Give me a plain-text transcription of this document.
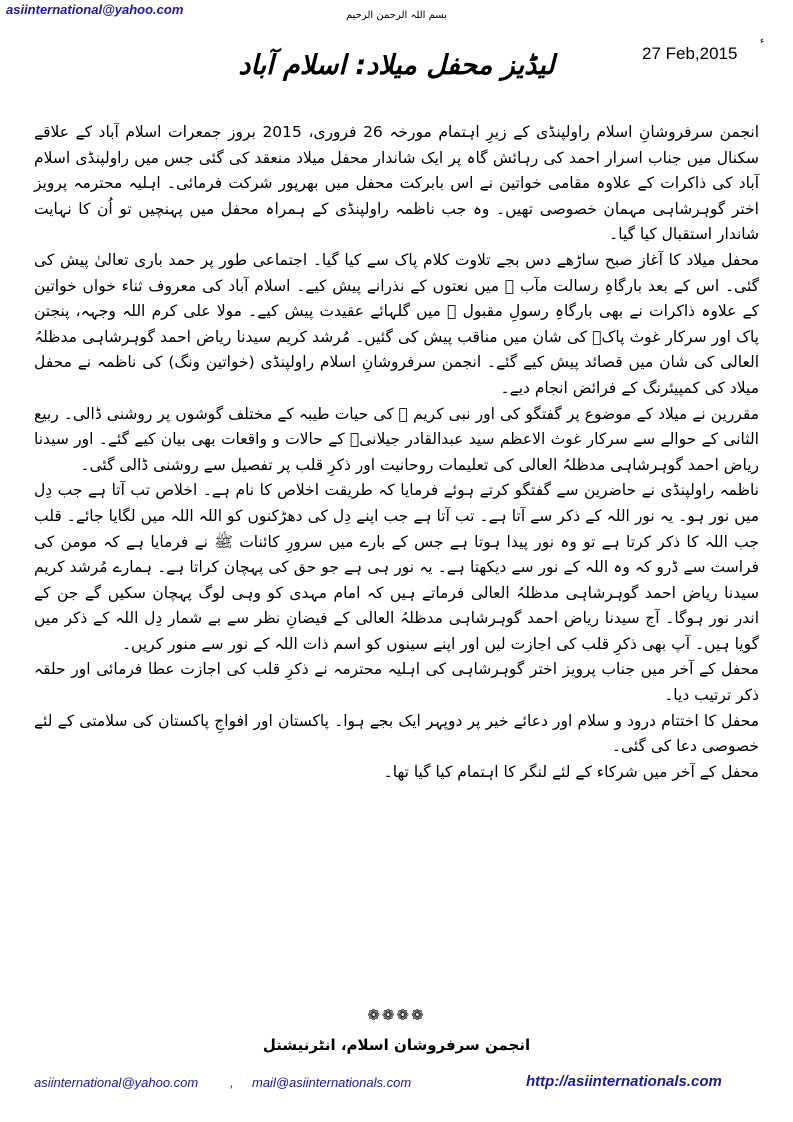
asiinternational@yahoo.com	بسم اللہ الرحمن الرحیم
27 Feb,2015
ء
لیڈیز محفل میلاد: اسلام آباد

انجمن سرفروشانِ اسلام راولپنڈی کے زیرِ اہتمام مورخہ 26 فروری، 2015 بروز جمعرات اسلام آباد کے علاقے سکنال میں جناب اسرار احمد کی رہائش گاہ پر ایک شاندار محفل میلاد منعقد کی گئی جس میں راولپنڈی اسلام آباد کی ذاکرات کے علاوہ مقامی خواتین نے اس بابرکت محفل میں بھرپور شرکت فرمائی۔ اہلیہ محترمہ پرویز اختر گوہرشاہی مہمان خصوصی تھیں۔ وہ جب ناظمہ راولپنڈی کے ہمراہ محفل میں پہنچیں تو اُن کا نہایت شاندار استقبال کیا گیا۔

محفل میلاد کا آغاز صبح ساڑھے دس بجے تلاوت کلام پاک سے کیا گیا۔ اجتماعی طور پر حمد باری تعالیٰ پیش کی گئی۔ اس کے بعد بارگاہِ رسالت مآب ﷺ میں نعتوں کے نذرانے پیش کیے۔ اسلام آباد کی معروف ثناء خواں خواتین کے علاوہ ذاکرات نے بھی بارگاہِ رسولِ مقبول ﷺ میں گلہائے عقیدت پیش کیے۔ مولا علی کرم اللہ وجہہ، پنجتن پاک اور سرکار غوث پاکؓ کی شان میں مناقب پیش کی گئیں۔ مُرشد کریم سیدنا ریاض احمد گوہرشاہی مدظلہُ العالی کی شان میں قصائد پیش کیے گئے۔ انجمن سرفروشانِ اسلام راولپنڈی (خواتین ونگ) کی ناظمہ نے محفل میلاد کی کمپیئرنگ کے فرائض انجام دیے۔

مقررین نے میلاد کے موضوع پر گفتگو کی اور نبی کریم ﷺ کی حیات طیبہ کے مختلف گوشوں پر روشنی ڈالی۔ ربیع الثانی کے حوالے سے سرکار غوث الاعظم سید عبدالقادر جیلانیؓ کے حالات و واقعات بھی بیان کیے گئے۔ اور سیدنا ریاض احمد گوہرشاہی مدظلہُ العالی کی تعلیمات روحانیت اور ذکرِ قلب پر تفصیل سے روشنی ڈالی گئی۔

ناظمہ راولپنڈی نے حاضرین سے گفتگو کرتے ہوئے فرمایا کہ طریقت اخلاص کا نام ہے۔ اخلاص تب آتا ہے جب دِل میں نور ہو۔ یہ نور اللہ کے ذکر سے آتا ہے۔ تب آتا ہے جب اپنے دِل کی دھڑکنوں کو اللہ اللہ میں لگایا جائے۔ قلب جب اللہ کا ذکر کرتا ہے تو وہ نور پیدا ہوتا ہے جس کے بارے میں سرورِ کائنات ﷺ نے فرمایا ہے کہ مومن کی فراست سے ڈرو کہ وہ اللہ کے نور سے دیکھتا ہے۔ یہ نور ہی ہے جو حق کی پہچان کراتا ہے۔ ہمارے مُرشد کریم سیدنا ریاض احمد گوہرشاہی مدظلہُ العالی فرماتے ہیں کہ امام مہدی کو وہی لوگ پہچان سکیں گے جن کے اندر نور ہوگا۔ آج سیدنا ریاض احمد گوہرشاہی مدظلہُ العالی کے فیضانِ نظر سے بے شمار دِل اللہ کے ذکر میں گویا ہیں۔ آپ بھی ذکرِ قلب کی اجازت لیں اور اپنے سینوں کو اسم ذات اللہ کے نور سے منور کریں۔

محفل کے آخر میں جناب پرویز اختر گوہرشاہی کی اہلیہ محترمہ نے ذکرِ قلب کی اجازت عطا فرمائی اور حلقہ ذکر ترتیب دیا۔

محفل کا اختتام درود و سلام اور دعائے خیر پر دوپہر ایک بجے ہوا۔ پاکستان اور افواجِ پاکستان کی سلامتی کے لئے خصوصی دعا کی گئی۔

محفل کے آخر میں شرکاء کے لئے لنگر کا اہتمام کیا گیا تھا۔

❁❁❁❁
انجمن سرفروشان اسلام، انٹرنیشنل
asiinternational@yahoo.com , mail@asiinternationals.com	http://asiinternationals.com
